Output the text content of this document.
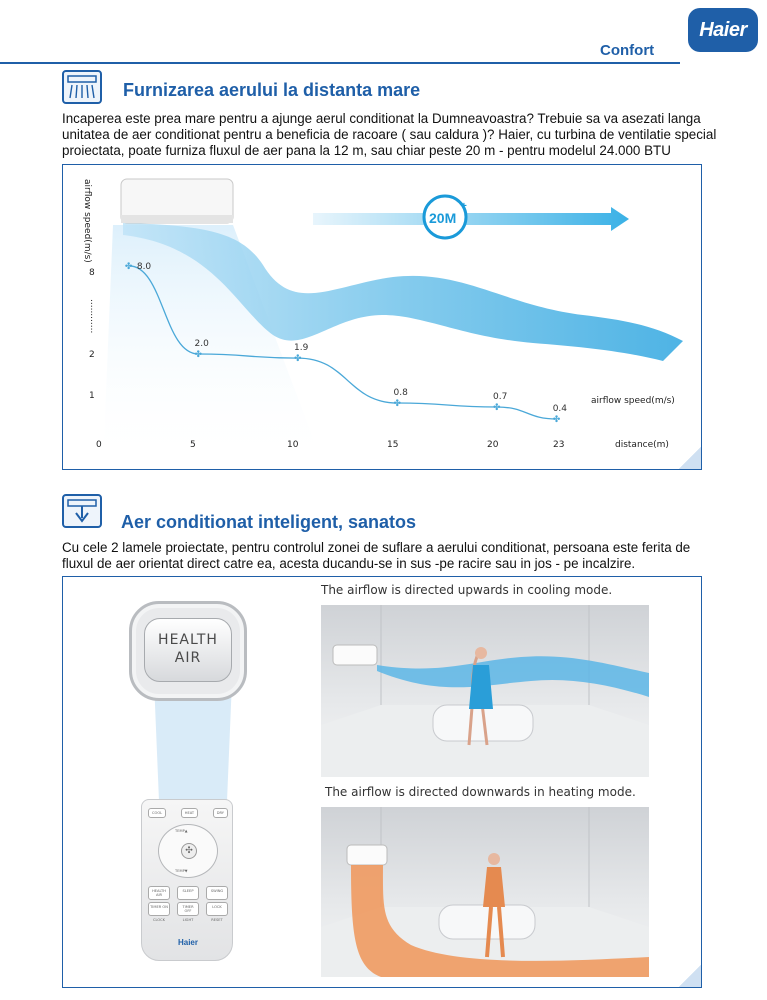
Haier
Confort
Furnizarea aerului la distanta mare
Incaperea este prea mare pentru a ajunge aerul conditionat la Dumneavoastra? Trebuie sa va asezati langa unitatea de aer conditionat pentru a beneficia de racoare ( sau caldura )? Haier, cu turbina de ventilatie special proiectata, poate furniza fluxul de aer pana la 12 m, sau chiar peste 20 m - pentru modelul 24.000 BTU
20M
+
airflow speed(m/s)
8
............
2
1
0	5	10	15	20	23	distance(m)
airflow speed(m/s)
✤ 8.0
✤
2.0
✤
1.9
✤
0.8
✤
0.7
✤
0.4
Aer conditionat inteligent, sanatos
Cu cele 2 lamele proiectate, pentru controlul zonei de suflare a aerului conditionat, persoana este ferita de fluxul de aer orientat direct catre ea, acesta ducandu-se in sus -pe racire sau in jos - pe incalzire.
HEALTH
AIR
COOL	HEAT	DRY
TEMP▲
✣
TEMP▼
HEALTH AIR
SLEEP	SWING
TIMER ON	TIMER OFF
LOCK
CLOCK	LIGHT	RESET
Haier
The airflow is directed upwards in cooling mode.
The airflow is directed downwards in heating mode.
